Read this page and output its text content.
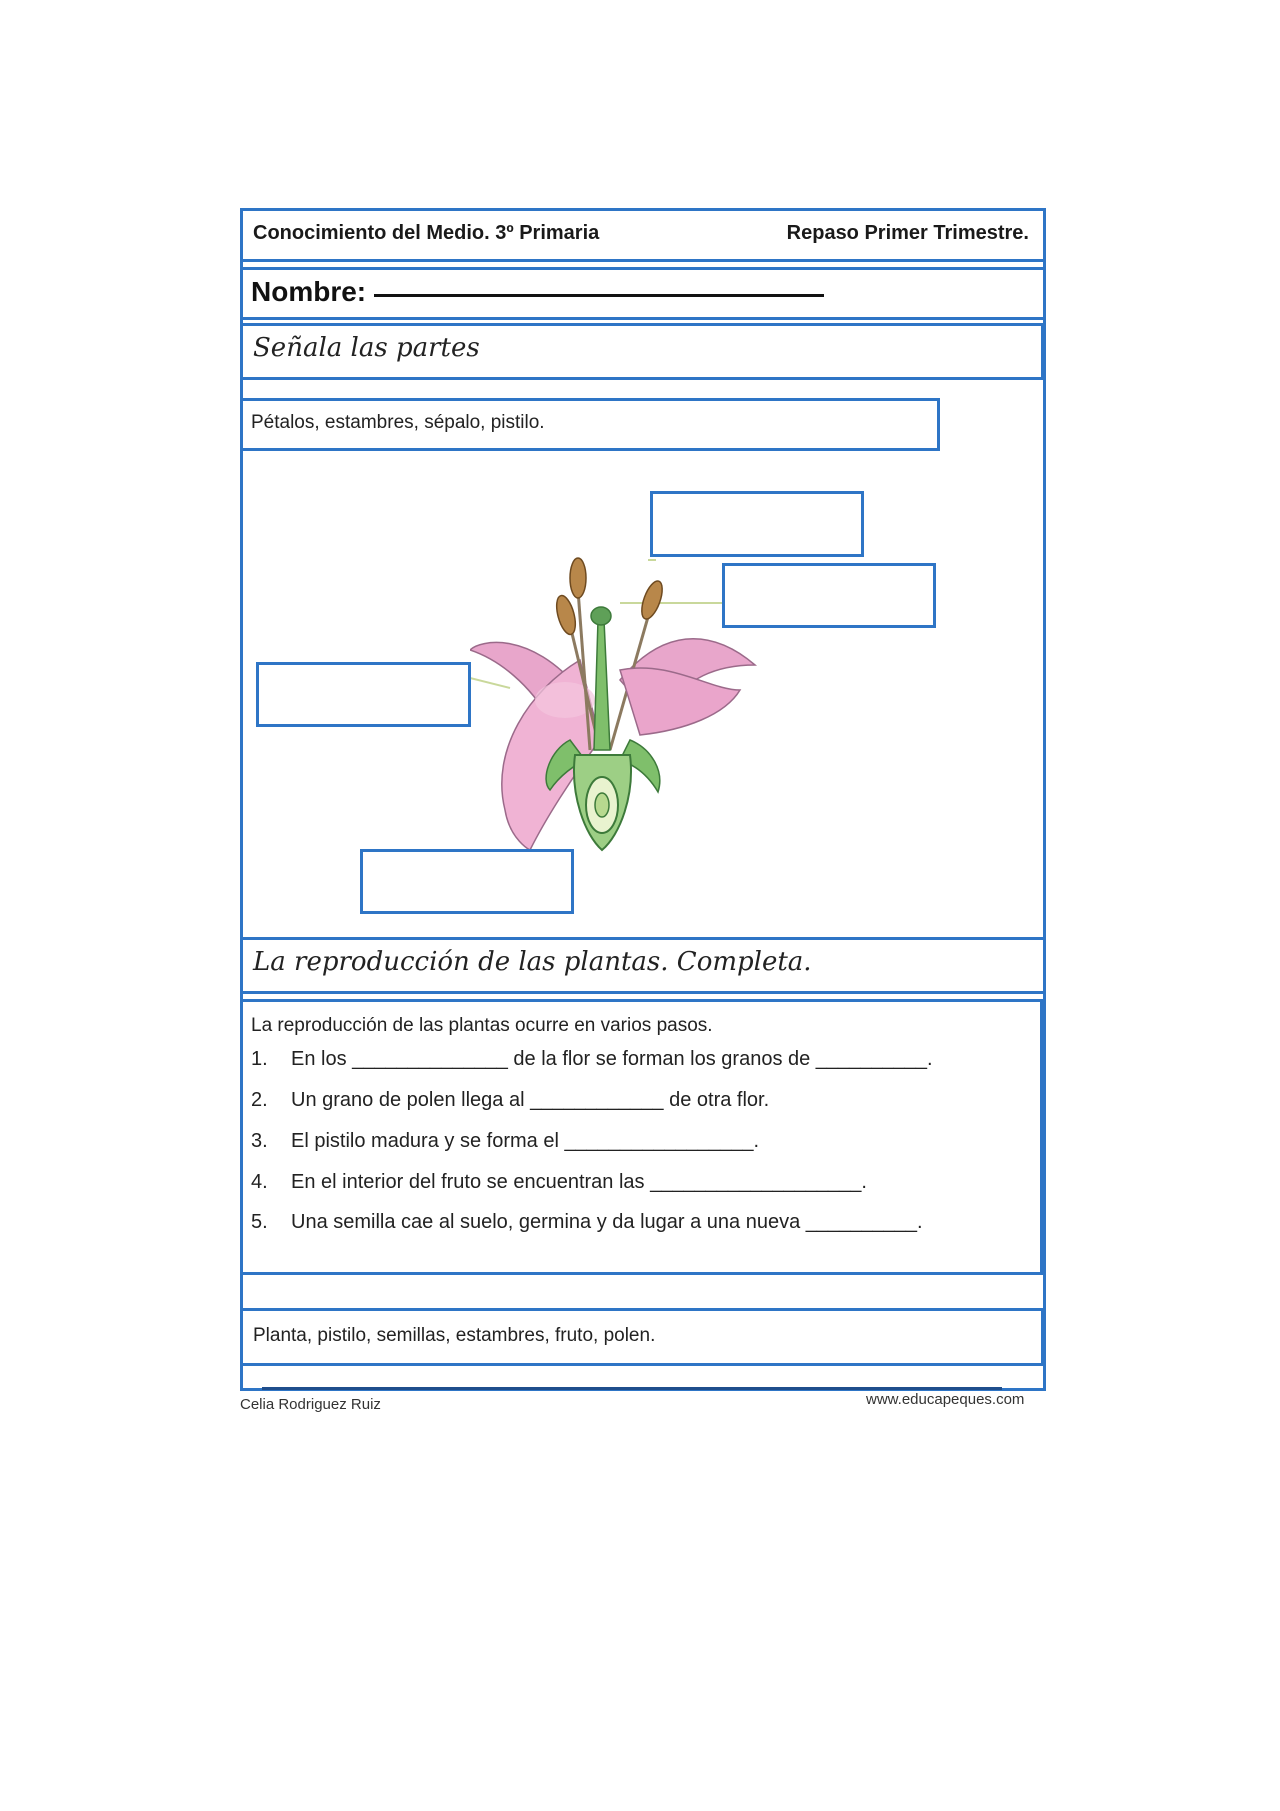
Conocimiento del Medio. 3º Primaria	Repaso Primer Trimestre.
Nombre:
Señala las partes
Pétalos, estambres, sépalo, pistilo.
La reproducción de las plantas. Completa.
La reproducción de las plantas ocurre en varios pasos.
1. En los ______________ de la flor se forman los granos de __________.
2. Un grano de polen llega al ____________ de otra flor.
3. El pistilo madura y se forma el _________________.
4. En el interior del fruto se encuentran las ___________________.
5. Una semilla cae al suelo, germina y da lugar a una nueva __________.
Planta, pistilo, semillas, estambres, fruto, polen.
Celia Rodriguez Ruiz	www.educapeques.com
